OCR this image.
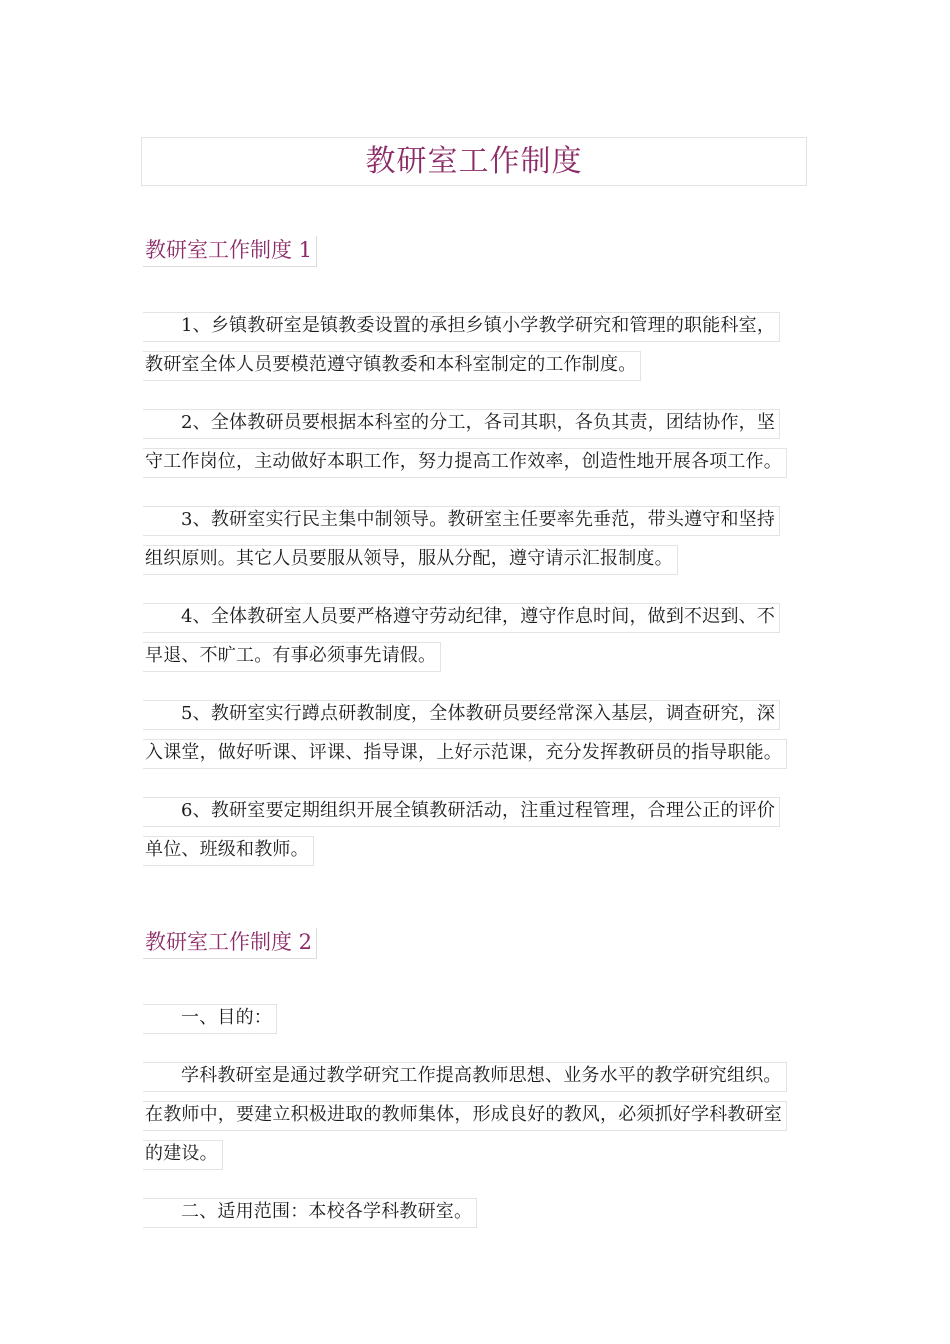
教研室工作制度
教研室工作制度 1
1、乡镇教研室是镇教委设置的承担乡镇小学教学研究和管理的职能科室，
教研室全体人员要模范遵守镇教委和本科室制定的工作制度。
2、全体教研员要根据本科室的分工，各司其职，各负其责，团结协作，坚
守工作岗位，主动做好本职工作，努力提高工作效率，创造性地开展各项工作。
3、教研室实行民主集中制领导。教研室主任要率先垂范，带头遵守和坚持
组织原则。其它人员要服从领导，服从分配，遵守请示汇报制度。
4、全体教研室人员要严格遵守劳动纪律，遵守作息时间，做到不迟到、不
早退、不旷工。有事必须事先请假。
5、教研室实行蹲点研教制度，全体教研员要经常深入基层，调查研究，深
入课堂，做好听课、评课、指导课，上好示范课，充分发挥教研员的指导职能。
6、教研室要定期组织开展全镇教研活动，注重过程管理，合理公正的评价
单位、班级和教师。
教研室工作制度 2
一、目的：
学科教研室是通过教学研究工作提高教师思想、业务水平的教学研究组织。
在教师中，要建立积极进取的教师集体，形成良好的教风，必须抓好学科教研室
的建设。
二、适用范围：本校各学科教研室。
